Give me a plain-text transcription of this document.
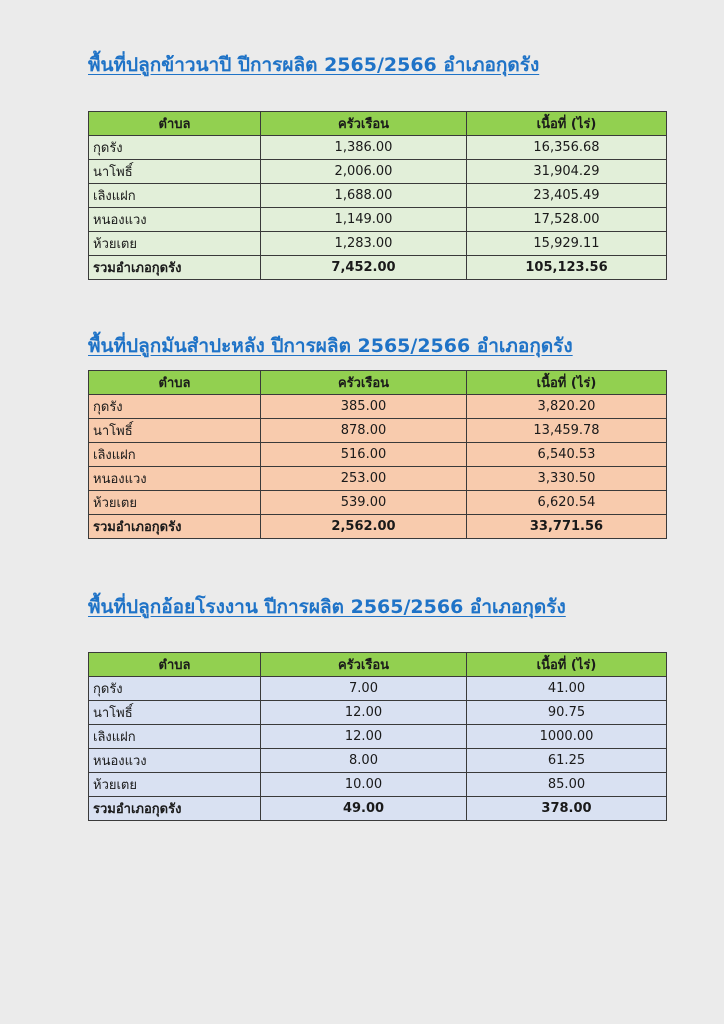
พื้นที่ปลูกข้าวนาปี ปีการผลิต 2565/2566 อำเภอกุดรัง
ตำบล	ครัวเรือน	เนื้อที่ (ไร่)
กุดรัง	1,386.00	16,356.68
นาโพธิ์	2,006.00	31,904.29
เลิงแฝก	1,688.00	23,405.49
หนองแวง	1,149.00	17,528.00
ห้วยเตย	1,283.00	15,929.11
รวมอำเภอกุดรัง	7,452.00	105,123.56
พื้นที่ปลูกมันสำปะหลัง ปีการผลิต 2565/2566 อำเภอกุดรัง
ตำบล	ครัวเรือน	เนื้อที่ (ไร่)
กุดรัง	385.00	3,820.20
นาโพธิ์	878.00	13,459.78
เลิงแฝก	516.00	6,540.53
หนองแวง	253.00	3,330.50
ห้วยเตย	539.00	6,620.54
รวมอำเภอกุดรัง	2,562.00	33,771.56
พื้นที่ปลูกอ้อยโรงงาน ปีการผลิต 2565/2566 อำเภอกุดรัง
ตำบล	ครัวเรือน	เนื้อที่ (ไร่)
กุดรัง	7.00	41.00
นาโพธิ์	12.00	90.75
เลิงแฝก	12.00	1000.00
หนองแวง	8.00	61.25
ห้วยเตย	10.00	85.00
รวมอำเภอกุดรัง	49.00	378.00
